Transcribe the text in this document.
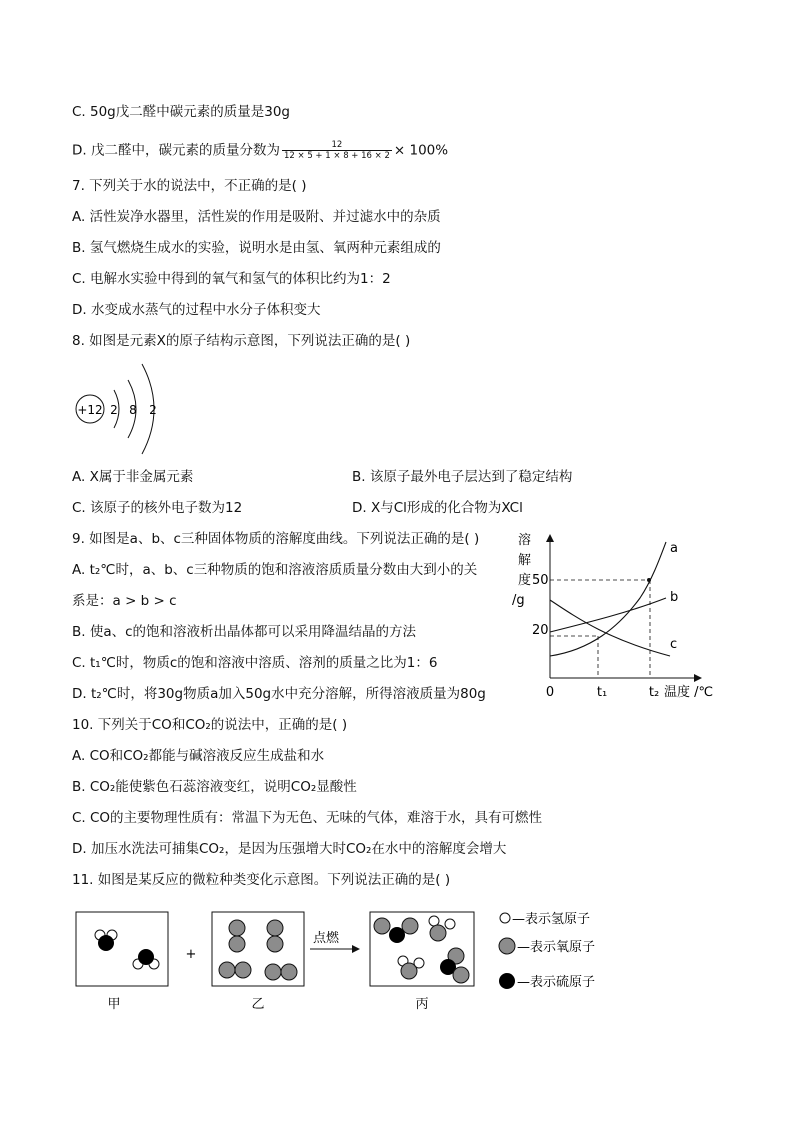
C. 50g戊二醛中碳元素的质量是30g
D. 戊二醛中，碳元素的质量分数为 $\frac{12}{12 \times 5 + 1 \times 8 + 16 \times 2} \times 100\%$
7. 下列关于水的说法中，不正确的是( )
A. 活性炭净水器里，活性炭的作用是吸附、并过滤水中的杂质
B. 氢气燃烧生成水的实验，说明水是由氢、氧两种元素组成的
C. 电解水实验中得到的氧气和氢气的体积比约为1：2
D. 水变成水蒸气的过程中水分子体积变大
8. 如图是元素X的原子结构示意图，下列说法正确的是( )
+12 2 8 2
A. X属于非金属元素	B. 该原子最外电子层达到了稳定结构
C. 该原子的核外电子数为12	D. X与Cl形成的化合物为XCl
9. 如图是a、b、c三种固体物质的溶解度曲线。下列说法正确的是( )
A. t₂℃时，a、b、c三种物质的饱和溶液溶质质量分数由大到小的关
系是：a > b > c
B. 使a、c的饱和溶液析出晶体都可以采用降温结晶的方法
C. t₁℃时，物质c的饱和溶液中溶质、溶剂的质量之比为1：6
D. t₂℃时，将30g物质a加入50g水中充分溶解，所得溶液质量为80g
溶
解
度
/g
50
20
0	t₁	t₂ 温度 /℃
a
b
c
10. 下列关于CO和CO₂的说法中，正确的是( )
A. CO和CO₂都能与碱溶液反应生成盐和水
B. CO₂能使紫色石蕊溶液变红，说明CO₂显酸性
C. CO的主要物理性质有：常温下为无色、无味的气体，难溶于水，具有可燃性
D. 加压水洗法可捕集CO₂，是因为压强增大时CO₂在水中的溶解度会增大
11. 如图是某反应的微粒种类变化示意图。下列说法正确的是( )
甲
+
乙
点燃
丙
—表示氢原子
—表示氧原子
—表示硫原子
